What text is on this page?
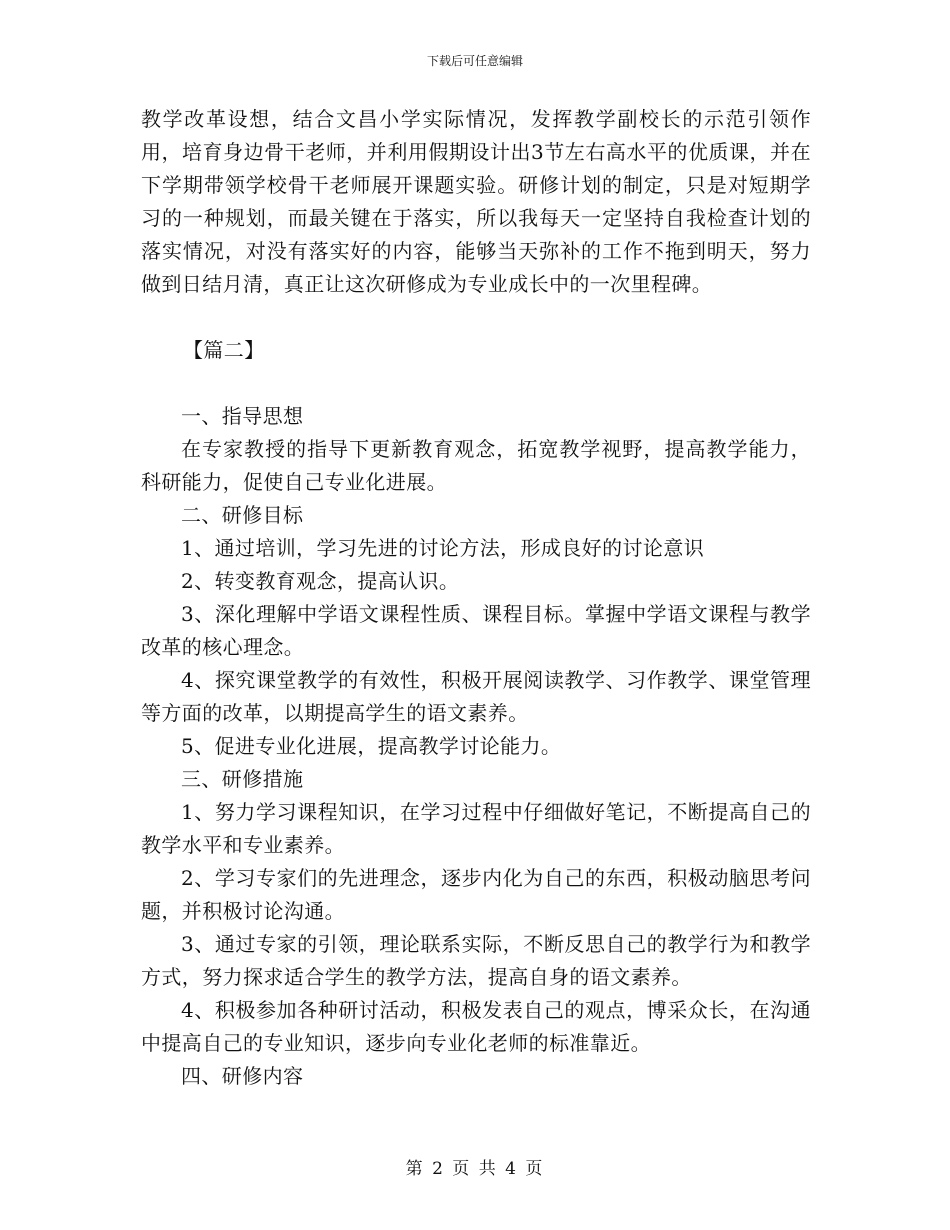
下载后可任意编辑

教学改革设想，结合文昌小学实际情况，发挥教学副校长的示范引领作用，培育身边骨干老师，并利用假期设计出3节左右高水平的优质课，并在下学期带领学校骨干老师展开课题实验。研修计划的制定，只是对短期学习的一种规划，而最关键在于落实，所以我每天一定坚持自我检查计划的落实情况，对没有落实好的内容，能够当天弥补的工作不拖到明天，努力做到日结月清，真正让这次研修成为专业成长中的一次里程碑。

【篇二】

一、指导思想

在专家教授的指导下更新教育观念，拓宽教学视野，提高教学能力，科研能力，促使自己专业化进展。

二、研修目标

1、通过培训，学习先进的讨论方法，形成良好的讨论意识

2、转变教育观念，提高认识。

3、深化理解中学语文课程性质、课程目标。掌握中学语文课程与教学改革的核心理念。

4、探究课堂教学的有效性，积极开展阅读教学、习作教学、课堂管理等方面的改革，以期提高学生的语文素养。

5、促进专业化进展，提高教学讨论能力。

三、研修措施

1、努力学习课程知识，在学习过程中仔细做好笔记，不断提高自己的教学水平和专业素养。

2、学习专家们的先进理念，逐步内化为自己的东西，积极动脑思考问题，并积极讨论沟通。

3、通过专家的引领，理论联系实际，不断反思自己的教学行为和教学方式，努力探求适合学生的教学方法，提高自身的语文素养。

4、积极参加各种研讨活动，积极发表自己的观点，博采众长，在沟通中提高自己的专业知识，逐步向专业化老师的标准靠近。

四、研修内容

第 2 页 共 4 页
